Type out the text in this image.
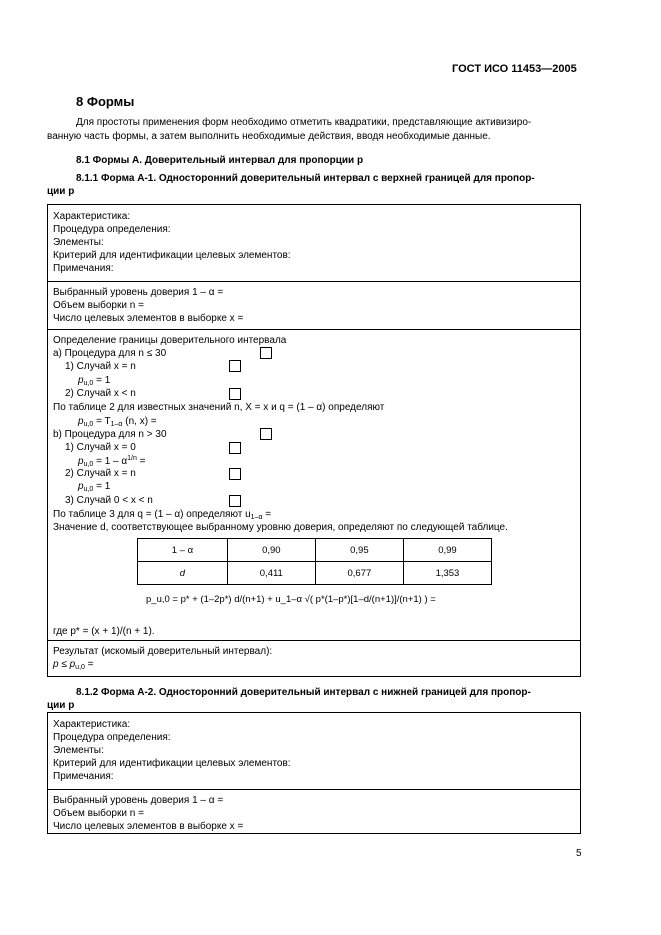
ГОСТ ИСО 11453—2005
8 Формы
Для простоты применения форм необходимо отметить квадратики, представляющие активизиро-
ванную часть формы, а затем выполнить необходимые действия, вводя необходимые данные.
8.1 Формы А. Доверительный интервал для пропорции p
8.1.1 Форма А-1. Односторонний доверительный интервал с верхней границей для пропор-
ции p
Характеристика:
Процедура определения:
Элементы:
Критерий для идентификации целевых элементов:
Примечания:
Выбранный уровень доверия 1 – α =
Объем выборки n =
Число целевых элементов в выборке x =
Определение границы доверительного интервала
a) Процедура для n ≤ 30
1) Случай x = n
$p_{u,0} = 1$
2) Случай x < n
По таблице 2 для известных значений n, X = x и q = (1 – α) определяют
$p_{u,0} = T_{1-\alpha}$ (n, x) =
b) Процедура для n > 30
1) Случай x = 0
$p_{u,0} = 1 - \alpha^{1/n}$ =
2) Случай x = n
$p_{u,0} = 1$
3) Случай 0 < x < n
По таблице 3 для q = (1 – α) определяют $u_{1-\alpha}$ =
Значение d, соответствующее выбранному уровню доверия, определяют по следующей таблице.
1 – α	0,90	0,95	0,99
d	0,411	0,677	1,353
p_u,0 = p* + (1–2p*) d/(n+1) + u_1–α √( p*(1–p*)[1–d/(n+1)]/(n+1) ) =
где p* = (x + 1)/(n + 1).
Результат (искомый доверительный интервал):
$p \le p_{u,0}$ =
8.1.2 Форма А-2. Односторонний доверительный интервал с нижней границей для пропор-
ции p
Характеристика:
Процедура определения:
Элементы:
Критерий для идентификации целевых элементов:
Примечания:
Выбранный уровень доверия 1 – α =
Объем выборки n =
Число целевых элементов в выборке x =
5
